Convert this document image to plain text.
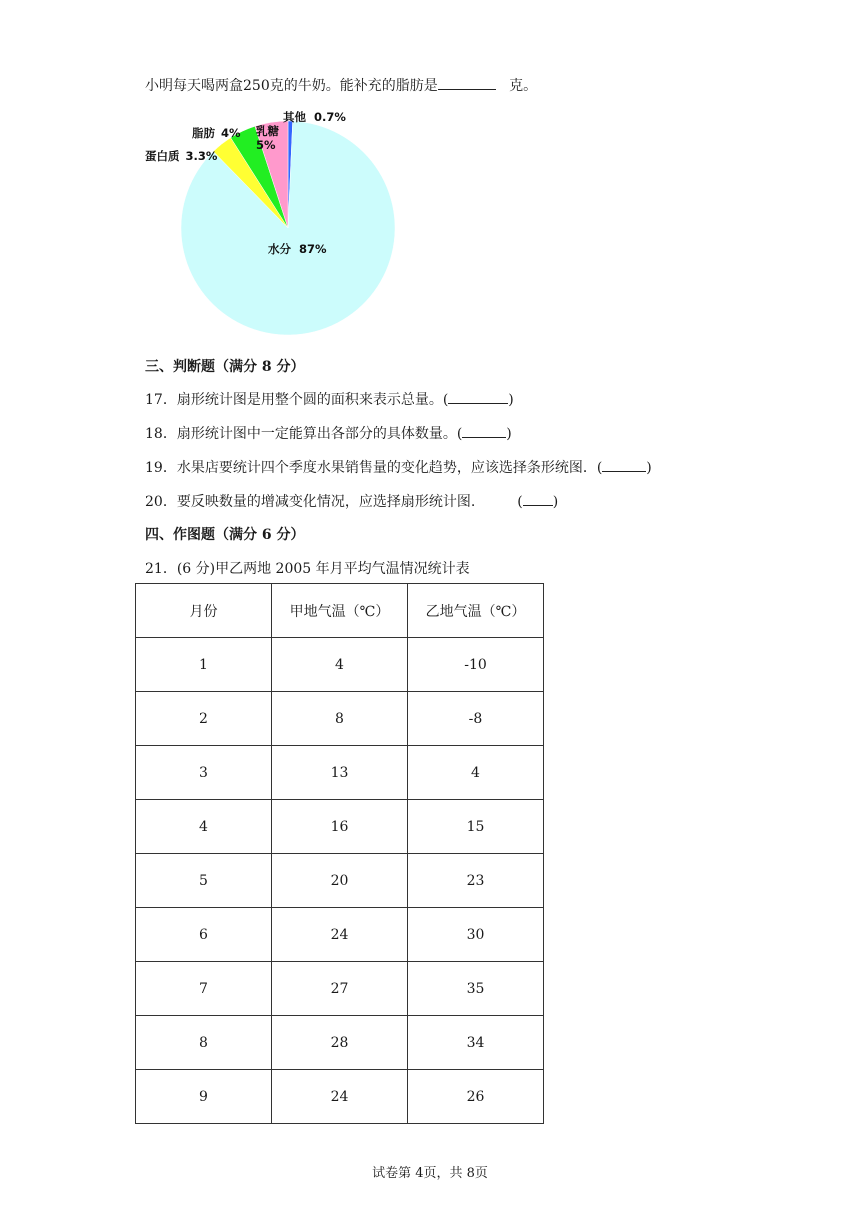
小明每天喝两盒250克的牛奶。能补充的脂肪是	克。
其他 0.7%
乳糖
5%
脂肪 4%
蛋白质 3.3%
水分 87%
三、判断题（满分 8 分）
17．扇形统计图是用整个圆的面积来表示总量。(	)
18．扇形统计图中一定能算出各部分的具体数量。(	)
19．水果店要统计四个季度水果销售量的变化趋势，应该选择条形统图．(	)
20．要反映数量的增减变化情况，应选择扇形统计图.	( )
四、作图题（满分 6 分）
21．(6 分)甲乙两地 2005 年月平均气温情况统计表
月份	甲地气温（℃）	乙地气温（℃）
1	4	-10
2	8	-8
3	13	4
4	16	15
5	20	23
6	24	30
7	27	35
8	28	34
9	24	26
试卷第 4页，共 8页
